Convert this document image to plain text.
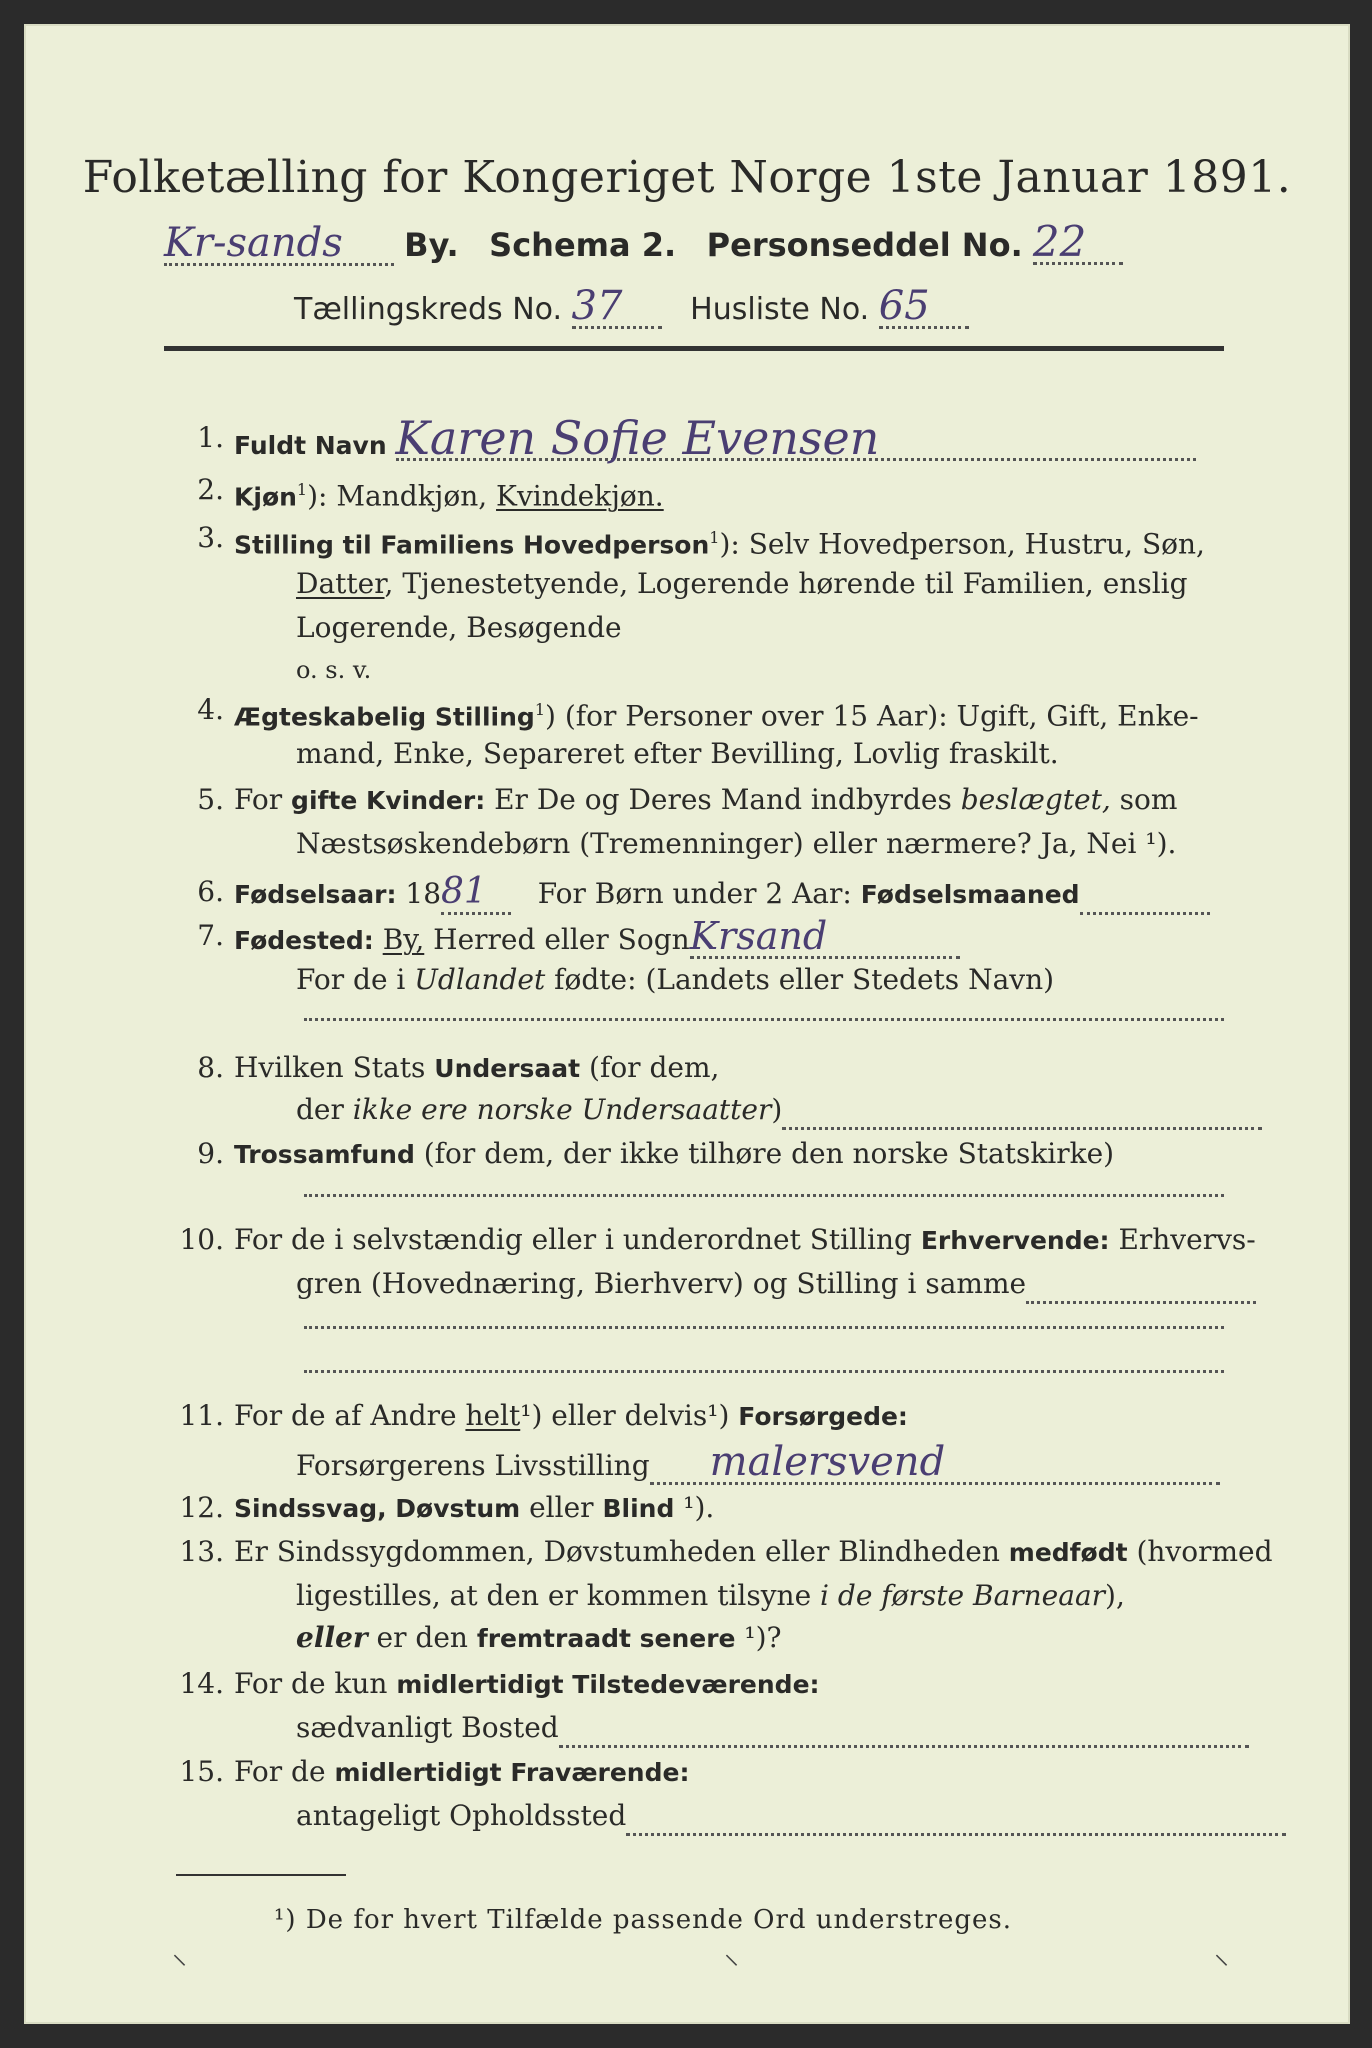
Folketælling for Kongeriget Norge 1ste Januar 1891.
Kr-sands By. Schema 2. Personseddel No. 22
Tællingskreds No. 37 Husliste No. 65
1. Fuldt Navn Karen Sofie Evensen
2. Kjøn$^1$): Mandkjøn, Kvindekjøn.
3. Stilling til Familiens Hovedperson$^1$): Selv Hovedperson, Hustru, Søn,
Datter, Tjenestetyende, Logerende hørende til Familien, enslig
Logerende, Besøgende
o. s. v.
4. Ægteskabelig Stilling$^1$) (for Personer over 15 Aar): Ugift, Gift, Enke-
mand, Enke, Separeret efter Bevilling, Lovlig fraskilt.
5. For gifte Kvinder: Er De og Deres Mand indbyrdes beslægtet, som
Næstsøskendebørn (Tremenninger) eller nærmere? Ja, Nei ¹).
6. Fødselsaar: 1881 For Børn under 2 Aar: Fødselsmaaned
7. Fødested: By, Herred eller SognKrsand
For de i Udlandet fødte: (Landets eller Stedets Navn)
8. Hvilken Stats Undersaat (for dem,
der ikke ere norske Undersaatter)
9. Trossamfund (for dem, der ikke tilhøre den norske Statskirke)
10. For de i selvstændig eller i underordnet Stilling Erhvervende: Erhvervs-
gren (Hovednæring, Bierhverv) og Stilling i samme
11. For de af Andre helt¹) eller delvis¹) Forsørgede:
Forsørgerens Livsstilling malersvend
12. Sindssvag, Døvstum eller Blind ¹).
13. Er Sindssygdommen, Døvstumheden eller Blindheden medfødt (hvormed
ligestilles, at den er kommen tilsyne i de første Barneaar),
eller er den fremtraadt senere ¹)?
14. For de kun midlertidigt Tilstedeværende:
sædvanligt Bosted
15. For de midlertidigt Fraværende:
antageligt Opholdssted
¹) De for hvert Tilfælde passende Ord understreges.
⸌	⸌	⸌
